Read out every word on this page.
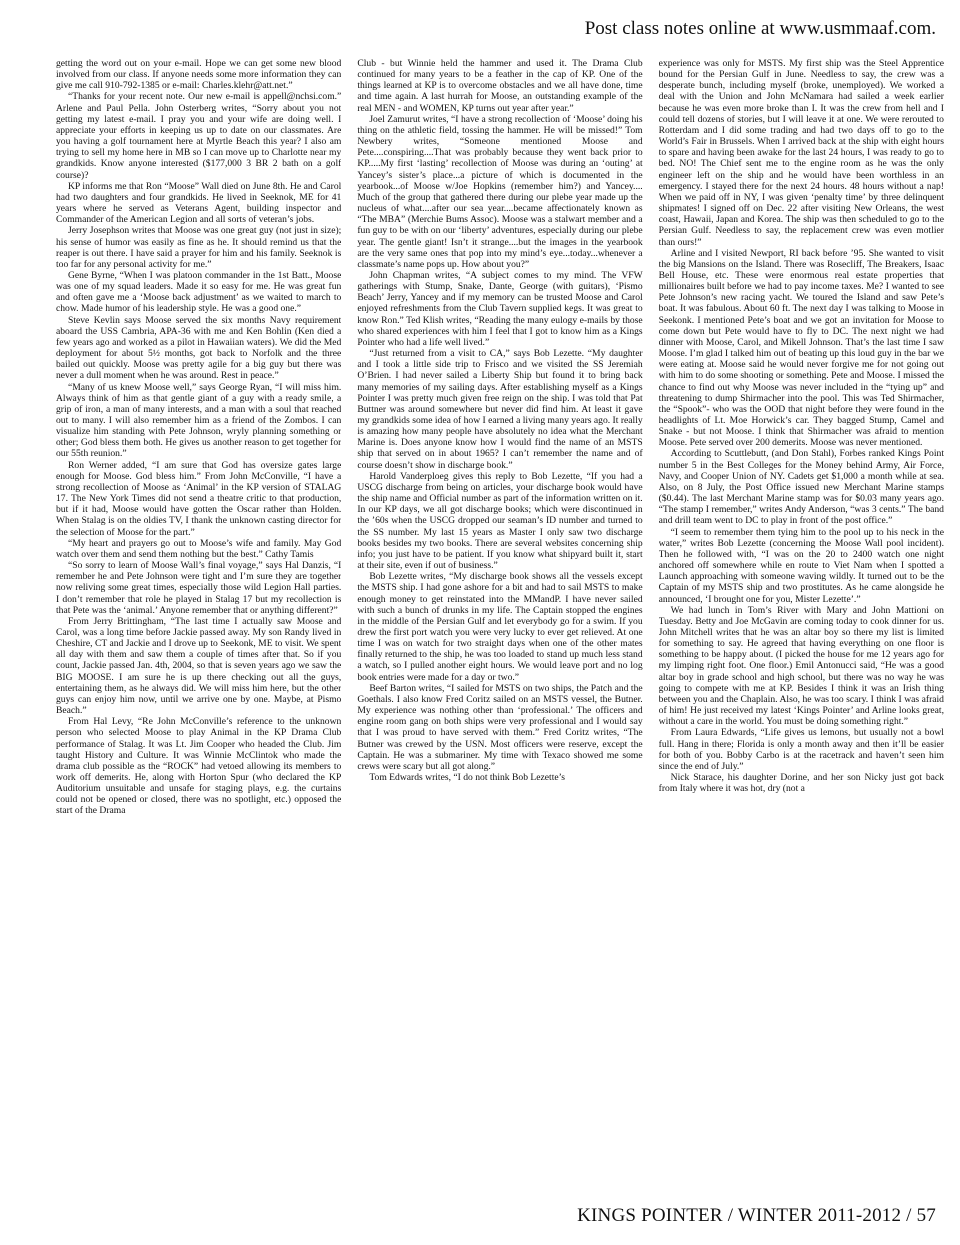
Post class notes online at www.usmmaaf.com.

getting the word out on your e-mail. Hope we can get some new blood involved from our class. If anyone needs some more information they can give me call 910-792-1385 or e-mail: Charles.klehr@att.net.”

“Thanks for your recent note. Our new e-mail is appell@nchsi.com.” Arlene and Paul Pella. John Osterberg writes, “Sorry about you not getting my latest e-mail. I pray you and your wife are doing well. I appreciate your efforts in keeping us up to date on our classmates. Are you having a golf tournament here at Myrtle Beach this year? I also am trying to sell my home here in MB so I can move up to Charlotte near my grandkids. Know anyone interested ($177,000 3 BR 2 bath on a golf course)?

KP informs me that Ron “Moose” Wall died on June 8th. He and Carol had two daughters and four grandkids. He lived in Seeknok, ME for 41 years where he served as Veterans Agent, building inspector and Commander of the American Legion and all sorts of veteran’s jobs.

Jerry Josephson writes that Moose was one great guy (not just in size); his sense of humor was easily as fine as he. It should remind us that the reaper is out there. I have said a prayer for him and his family. Seeknok is too far for any personal activity for me.”

Gene Byrne, “When I was platoon commander in the 1st Batt., Moose was one of my squad leaders. Made it so easy for me. He was great fun and often gave me a ‘Moose back adjustment’ as we waited to march to chow. Made humor of his leadership style. He was a good one.”

Steve Kevlin says Moose served the six months Navy requirement aboard the USS Cambria, APA-36 with me and Ken Bohlin (Ken died a few years ago and worked as a pilot in Hawaiian waters). We did the Med deployment for about 5½ months, got back to Norfolk and the three bailed out quickly. Moose was pretty agile for a big guy but there was never a dull moment when he was around. Rest in peace.”

“Many of us knew Moose well,” says George Ryan, “I will miss him. Always think of him as that gentle giant of a guy with a ready smile, a grip of iron, a man of many interests, and a man with a soul that reached out to many. I will also remember him as a friend of the Zombos. I can visualize him standing with Pete Johnson, wryly planning something or other; God bless them both. He gives us another reason to get together for our 55th reunion.”

Ron Werner added, “I am sure that God has oversize gates large enough for Moose. God bless him.” From John McConville, “I have a strong recollection of Moose as ‘Animal’ in the KP version of STALAG 17. The New York Times did not send a theatre critic to that production, but if it had, Moose would have gotten the Oscar rather than Holden. When Stalag is on the oldies TV, I thank the unknown casting director for the selection of Moose for the part.”

“My heart and prayers go out to Moose’s wife and family. May God watch over them and send them nothing but the best.” Cathy Tamis

“So sorry to learn of Moose Wall’s final voyage,” says Hal Danzis, “I remember he and Pete Johnson were tight and I’m sure they are together now reliving some great times, especially those wild Legion Hall parties. I don’t remember that role he played in Stalag 17 but my recollection is that Pete was the ‘animal.’ Anyone remember that or anything different?”

From Jerry Brittingham, “The last time I actually saw Moose and Carol, was a long time before Jackie passed away. My son Randy lived in Cheshire, CT and Jackie and I drove up to Seekonk, ME to visit. We spent all day with them and saw them a couple of times after that. So if you count, Jackie passed Jan. 4th, 2004, so that is seven years ago we saw the BIG MOOSE. I am sure he is up there checking out all the guys, entertaining them, as he always did. We will miss him here, but the other guys can enjoy him now, until we arrive one by one. Maybe, at Pismo Beach.”

From Hal Levy, “Re John McConville’s reference to the unknown person who selected Moose to play Animal in the KP Drama Club performance of Stalag. It was Lt. Jim Cooper who headed the Club. Jim taught History and Culture. It was Winnie McClintok who made the drama club possible as the “ROCK” had vetoed allowing its members to work off demerits. He, along with Horton Spur (who declared the KP Auditorium unsuitable and unsafe for staging plays, e.g. the curtains could not be opened or closed, there was no spotlight, etc.) opposed the start of the Drama

Club - but Winnie held the hammer and used it. The Drama Club continued for many years to be a feather in the cap of KP. One of the things learned at KP is to overcome obstacles and we all have done, time and time again. A last hurrah for Moose, an outstanding example of the real MEN - and WOMEN, KP turns out year after year.”

Joel Zamurut writes, “I have a strong recollection of ‘Moose’ doing his thing on the athletic field, tossing the hammer. He will be missed!” Tom Newbery writes, “Someone mentioned Moose and Pete....conspiring....That was probably because they went back prior to KP.....My first ‘lasting’ recollection of Moose was during an ‘outing’ at Yancey’s sister’s place...a picture of which is documented in the yearbook...of Moose w/Joe Hopkins (remember him?) and Yancey.... Much of the group that gathered there during our plebe year made up the nucleus of what....after our sea year....became affectionately known as “The MBA” (Merchie Bums Assoc). Moose was a stalwart member and a fun guy to be with on our ‘liberty’ adventures, especially during our plebe year. The gentle giant! Isn’t it strange....but the images in the yearbook are the very same ones that pop into my mind’s eye...today...whenever a classmate’s name pops up. How about you?”

John Chapman writes, “A subject comes to my mind. The VFW gatherings with Stump, Snake, Dante, George (with guitars), ‘Pismo Beach’ Jerry, Yancey and if my memory can be trusted Moose and Carol enjoyed refreshments from the Club Tavern supplied kegs. It was great to know Ron.” Ted Klish writes, “Reading the many eulogy e-mails by those who shared experiences with him I feel that I got to know him as a Kings Pointer who had a life well lived.”

“Just returned from a visit to CA,” says Bob Lezette. “My daughter and I took a little side trip to Frisco and we visited the SS Jeremiah O’Brien. I had never sailed a Liberty Ship but found it to bring back many memories of my sailing days. After establishing myself as a Kings Pointer I was pretty much given free reign on the ship. I was told that Pat Buttner was around somewhere but never did find him. At least it gave my grandkids some idea of how I earned a living many years ago. It really is amazing how many people have absolutely no idea what the Merchant Marine is. Does anyone know how I would find the name of an MSTS ship that served on in about 1965? I can’t remember the name and of course doesn’t show in discharge book.”

Harold Vanderploeg gives this reply to Bob Lezette, “If you had a USCG discharge from being on articles, your discharge book would have the ship name and Official number as part of the information written on it. In our KP days, we all got discharge books; which were discontinued in the ’60s when the USCG dropped our seaman’s ID number and turned to the SS number. My last 15 years as Master I only saw two discharge books besides my two books. There are several websites concerning ship info; you just have to be patient. If you know what shipyard built it, start at their site, even if out of business.”

Bob Lezette writes, “My discharge book shows all the vessels except the MSTS ship. I had gone ashore for a bit and had to sail MSTS to make enough money to get reinstated into the MMandP. I have never sailed with such a bunch of drunks in my life. The Captain stopped the engines in the middle of the Persian Gulf and let everybody go for a swim. If you drew the first port watch you were very lucky to ever get relieved. At one time I was on watch for two straight days when one of the other mates finally returned to the ship, he was too loaded to stand up much less stand a watch, so I pulled another eight hours. We would leave port and no log book entries were made for a day or two.”

Beef Barton writes, “I sailed for MSTS on two ships, the Patch and the Goethals. I also know Fred Coritz sailed on an MSTS vessel, the Butner. My experience was nothing other than ‘professional.’ The officers and engine room gang on both ships were very professional and I would say that I was proud to have served with them.” Fred Coritz writes, “The Butner was crewed by the USN. Most officers were reserve, except the Captain. He was a submariner. My time with Texaco showed me some crews were scary but all got along.”

Tom Edwards writes, “I do not think Bob Lezette’s

experience was only for MSTS. My first ship was the Steel Apprentice bound for the Persian Gulf in June. Needless to say, the crew was a desperate bunch, including myself (broke, unemployed). We worked a deal with the Union and John McNamara had sailed a week earlier because he was even more broke than I. It was the crew from hell and I could tell dozens of stories, but I will leave it at one. We were rerouted to Rotterdam and I did some trading and had two days off to go to the World’s Fair in Brussels. When I arrived back at the ship with eight hours to spare and having been awake for the last 24 hours, I was ready to go to bed. NO! The Chief sent me to the engine room as he was the only engineer left on the ship and he would have been worthless in an emergency. I stayed there for the next 24 hours. 48 hours without a nap! When we paid off in NY, I was given ‘penalty time’ by three delinquent shipmates! I signed off on Dec. 22 after visiting New Orleans, the west coast, Hawaii, Japan and Korea. The ship was then scheduled to go to the Persian Gulf. Needless to say, the replacement crew was even motlier than ours!”

Arline and I visited Newport, RI back before ’95. She wanted to visit the big Mansions on the Island. There was Rosecliff, The Breakers, Isaac Bell House, etc. These were enormous real estate properties that millionaires built before we had to pay income taxes. Me? I wanted to see Pete Johnson’s new racing yacht. We toured the Island and saw Pete’s boat. It was fabulous. About 60 ft. The next day I was talking to Moose in Seekonk. I mentioned Pete’s boat and we got an invitation for Moose to come down but Pete would have to fly to DC. The next night we had dinner with Moose, Carol, and Mikell Johnson. That’s the last time I saw Moose. I’m glad I talked him out of beating up this loud guy in the bar we were eating at. Moose said he would never forgive me for not going out with him to do some shooting or something. Pete and Moose. I missed the chance to find out why Moose was never included in the “tying up” and threatening to dump Shirmacher into the pool. This was Ted Shirmacher, the “Spook”- who was the OOD that night before they were found in the headlights of Lt. Moe Horwick’s car. They bagged Stump, Camel and Snake - but not Moose. I think that Shirmacher was afraid to mention Moose. Pete served over 200 demerits. Moose was never mentioned.

According to Scuttlebutt, (and Don Stahl), Forbes ranked Kings Point number 5 in the Best Colleges for the Money behind Army, Air Force, Navy, and Cooper Union of NY. Cadets get $1,000 a month while at sea. Also, on 8 July, the Post Office issued new Merchant Marine stamps ($0.44). The last Merchant Marine stamp was for $0.03 many years ago. “The stamp I remember,” writes Andy Anderson, “was 3 cents.” The band and drill team went to DC to play in front of the post office.”

“I seem to remember them tying him to the pool up to his neck in the water,” writes Bob Lezette (concerning the Moose Wall pool incident). Then he followed with, “I was on the 20 to 2400 watch one night anchored off somewhere while en route to Viet Nam when I spotted a Launch approaching with someone waving wildly. It turned out to be the Captain of my MSTS ship and two prostitutes. As he came alongside he announced, ‘I brought one for you, Mister Lezette’.”

We had lunch in Tom’s River with Mary and John Mattioni on Tuesday. Betty and Joe McGavin are coming today to cook dinner for us. John Mitchell writes that he was an altar boy so there my list is limited for something to say. He agreed that having everything on one floor is something to be happy about. (I picked the house for me 12 years ago for my limping right foot. One floor.) Emil Antonucci said, “He was a good altar boy in grade school and high school, but there was no way he was going to compete with me at KP. Besides I think it was an Irish thing between you and the Chaplain. Also, he was too scary. I think I was afraid of him! He just received my latest ‘Kings Pointer’ and Arline looks great, without a care in the world. You must be doing something right.”

From Laura Edwards, “Life gives us lemons, but usually not a bowl full. Hang in there; Florida is only a month away and then it’ll be easier for both of you. Bobby Carbo is at the racetrack and haven’t seen him since the end of July.”

Nick Starace, his daughter Dorine, and her son Nicky just got back from Italy where it was hot, dry (not a

KINGS POINTER / WINTER 2011-2012 / 57
